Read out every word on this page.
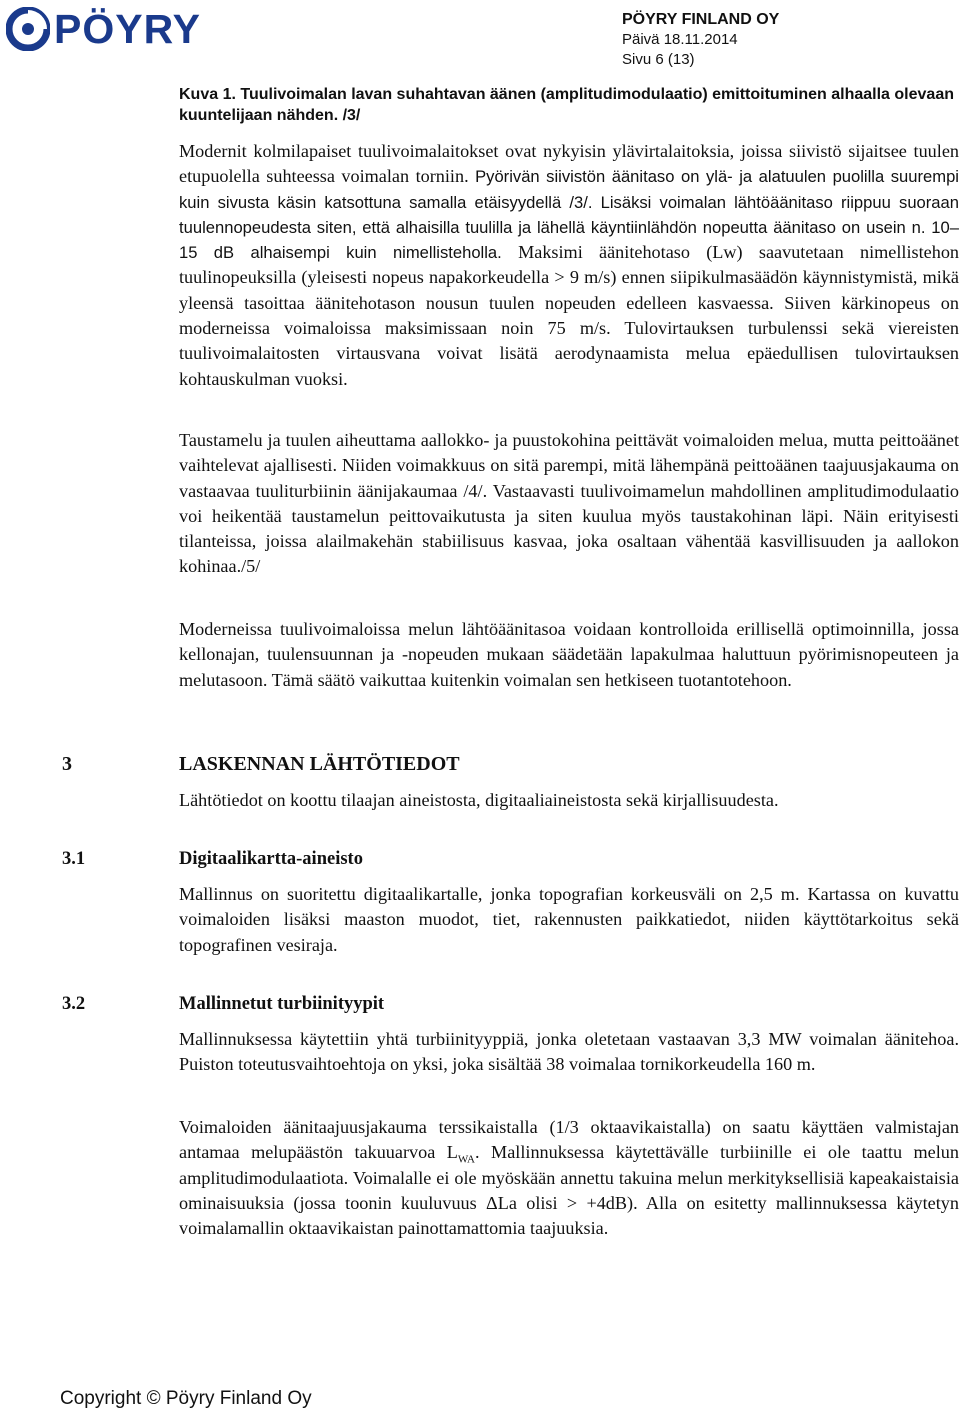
PÖYRY	PÖYRY FINLAND OY
Päivä 18.11.2014
Sivu 6 (13)
Kuva 1. Tuulivoimalan lavan suhahtavan äänen (amplitudimodulaatio) emittoituminen alhaalla olevaan kuuntelijaan nähden. /3/
Modernit kolmilapaiset tuulivoimalaitokset ovat nykyisin ylävirtalaitoksia, joissa siivistö sijaitsee tuulen etupuolella suhteessa voimalan torniin. Pyörivän siivistön äänitaso on ylä- ja alatuulen puolilla suurempi kuin sivusta käsin katsottuna samalla etäisyydellä /3/. Lisäksi voimalan lähtöäänitaso riippuu suoraan tuulennopeudesta siten, että alhaisilla tuulilla ja lähellä käyntiinlähdön nopeutta äänitaso on usein n. 10–15 dB alhaisempi kuin nimellisteholla. Maksimi äänitehotaso (Lw) saavutetaan nimellistehon tuulinopeuksilla (yleisesti nopeus napakorkeudella > 9 m/s) ennen siipikulmasäädön käynnistymistä, mikä yleensä tasoittaa äänitehotason nousun tuulen nopeuden edelleen kasvaessa. Siiven kärkinopeus on moderneissa voimaloissa maksimissaan noin 75 m/s. Tulovirtauksen turbulenssi sekä viereisten tuulivoimalaitosten virtausvana voivat lisätä aerodynaamista melua epäedullisen tulovirtauksen kohtauskulman vuoksi.
Taustamelu ja tuulen aiheuttama aallokko- ja puustokohina peittävät voimaloiden melua, mutta peittoäänet vaihtelevat ajallisesti. Niiden voimakkuus on sitä parempi, mitä lähempänä peittoäänen taajuusjakauma on vastaavaa tuuliturbiinin äänijakaumaa /4/. Vastaavasti tuulivoimamelun mahdollinen amplitudimodulaatio voi heikentää taustamelun peittovaikutusta ja siten kuulua myös taustakohinan läpi. Näin erityisesti tilanteissa, joissa alailmakehän stabiilisuus kasvaa, joka osaltaan vähentää kasvillisuuden ja aallokon kohinaa./5/
Moderneissa tuulivoimaloissa melun lähtöäänitasoa voidaan kontrolloida erillisellä optimoinnilla, jossa kellonajan, tuulensuunnan ja -nopeuden mukaan säädetään lapakulmaa haluttuun pyörimisnopeuteen ja melutasoon. Tämä säätö vaikuttaa kuitenkin voimalan sen hetkiseen tuotantotehoon.
3	LASKENNAN LÄHTÖTIEDOT
Lähtötiedot on koottu tilaajan aineistosta, digitaaliaineistosta sekä kirjallisuudesta.
3.1	Digitaalikartta-aineisto
Mallinnus on suoritettu digitaalikartalle, jonka topografian korkeusväli on 2,5 m. Kartassa on kuvattu voimaloiden lisäksi maaston muodot, tiet, rakennusten paikkatiedot, niiden käyttötarkoitus sekä topografinen vesiraja.
3.2	Mallinnetut turbiinityypit
Mallinnuksessa käytettiin yhtä turbiinityyppiä, jonka oletetaan vastaavan 3,3 MW voimalan äänitehoa. Puiston toteutusvaihtoehtoja on yksi, joka sisältää 38 voimalaa tornikorkeudella 160 m.
Voimaloiden äänitaajuusjakauma terssikaistalla (1/3 oktaavikaistalla) on saatu käyttäen valmistajan antamaa melupäästön takuuarvoa $L_{WA}$. Mallinnuksessa käytettävälle turbiinille ei ole taattu melun amplitudimodulaatiota. Voimalalle ei ole myöskään annettu takuina melun merkityksellisiä kapeakaistaisia ominaisuuksia (jossa toonin kuuluvuus ΔLa olisi > +4dB). Alla on esitetty mallinnuksessa käytetyn voimalamallin oktaavikaistan painottamattomia taajuuksia.
Copyright © Pöyry Finland Oy
